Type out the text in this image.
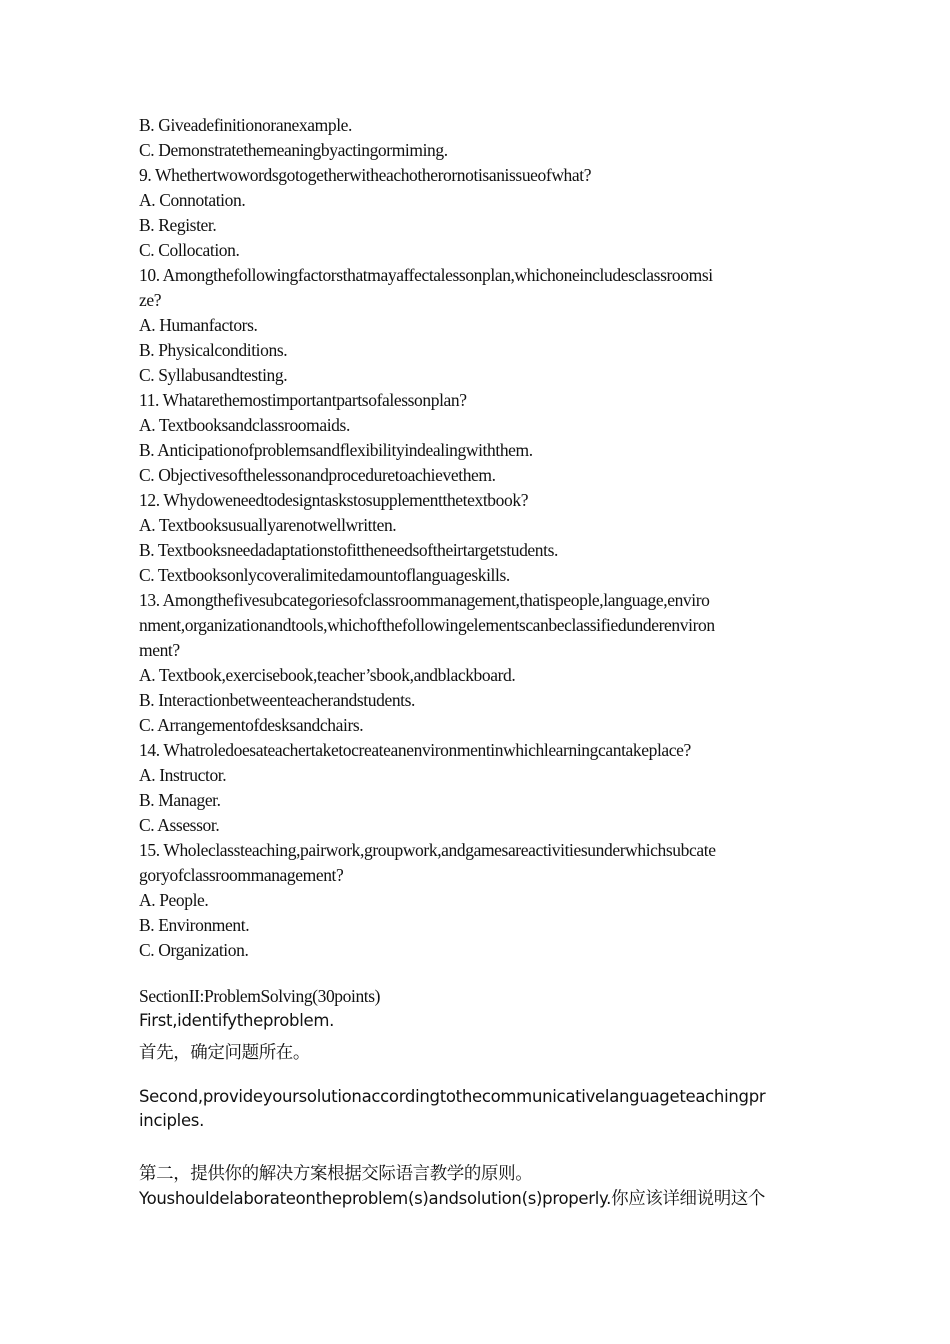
B. Giveadefinitionoranexample.
C. Demonstratethemeaningbyactingormiming.
9. Whethertwowordsgotogetherwitheachotherornotisanissueofwhat?
A. Connotation.
B. Register.
C. Collocation.
10. Amongthefollowingfactorsthatmayaffectalessonplan,whichoneincludesclassroomsi
ze?
A. Humanfactors.
B. Physicalconditions.
C. Syllabusandtesting.
11. Whatarethemostimportantpartsofalessonplan?
A. Textbooksandclassroomaids.
B. Anticipationofproblemsandflexibilityindealingwiththem.
C. Objectivesofthelessonandproceduretoachievethem.
12. Whydoweneedtodesigntaskstosupplementthetextbook?
A. Textbooksusuallyarenotwellwritten.
B. Textbooksneedadaptationstofittheneedsoftheirtargetstudents.
C. Textbooksonlycoveralimitedamountoflanguageskills.
13. Amongthefivesubcategoriesofclassroommanagement,thatispeople,language,enviro
nment,organizationandtools,whichofthefollowingelementscanbeclassifiedunderenviron
ment?
A. Textbook,exercisebook,teacher’sbook,andblackboard.
B. Interactionbetweenteacherandstudents.
C. Arrangementofdesksandchairs.
14. Whatroledoesateachertaketocreateanenvironmentinwhichlearningcantakeplace?
A. Instructor.
B. Manager.
C. Assessor.
15. Wholeclassteaching,pairwork,groupwork,andgamesareactivitiesunderwhichsubcate
goryofclassroommanagement?
A. People.
B. Environment.
C. Organization.
SectionII:ProblemSolving(30points)
First,identifytheproblem.
首先，确定问题所在。
Second,provideyoursolutionaccordingtothecommunicativelanguageteachingpr
inciples.
第二，提供你的解决方案根据交际语言教学的原则。
Youshouldelaborateontheproblem(s)andsolution(s)properly.你应该详细说明这个
